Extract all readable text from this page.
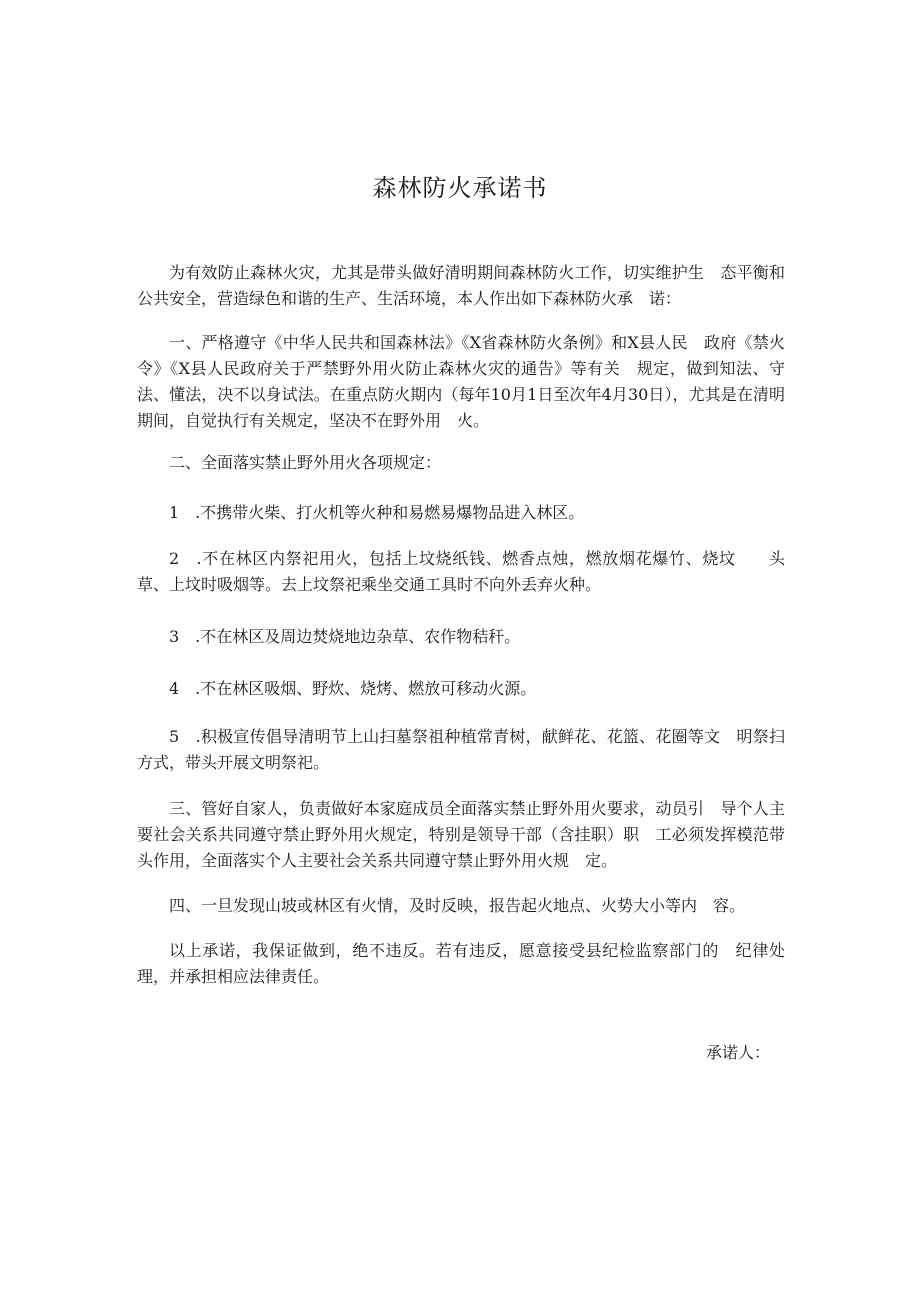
森林防火承诺书

为有效防止森林火灾，尤其是带头做好清明期间森林防火工作，切实维护生　态平衡和公共安全，营造绿色和谐的生产、生活环境，本人作出如下森林防火承　诺：

一、严格遵守《中华人民共和国森林法》《X省森林防火条例》和X县人民　政府《禁火令》《X县人民政府关于严禁野外用火防止森林火灾的通告》等有关　规定，做到知法、守法、懂法，决不以身试法。在重点防火期内（每年10月1日至次年4月30日），尤其是在清明期间，自觉执行有关规定，坚决不在野外用　火。

二、全面落实禁止野外用火各项规定：

1　.不携带火柴、打火机等火种和易燃易爆物品进入林区。

2　.不在林区内祭祀用火，包括上坟烧纸钱、燃香点烛，燃放烟花爆竹、烧坟　　头草、上坟时吸烟等。去上坟祭祀乘坐交通工具时不向外丢弃火种。

3　.不在林区及周边焚烧地边杂草、农作物秸秆。

4　.不在林区吸烟、野炊、烧烤、燃放可移动火源。

5　.积极宣传倡导清明节上山扫墓祭祖种植常青树，献鲜花、花篮、花圈等文　明祭扫方式，带头开展文明祭祀。

三、管好自家人，负责做好本家庭成员全面落实禁止野外用火要求，动员引　导个人主要社会关系共同遵守禁止野外用火规定，特别是领导干部（含挂职）职　工必须发挥模范带头作用，全面落实个人主要社会关系共同遵守禁止野外用火规　定。

四、一旦发现山坡或林区有火情，及时反映，报告起火地点、火势大小等内　容。

以上承诺，我保证做到，绝不违反。若有违反，愿意接受县纪检监察部门的　纪律处理，并承担相应法律责任。

承诺人：
